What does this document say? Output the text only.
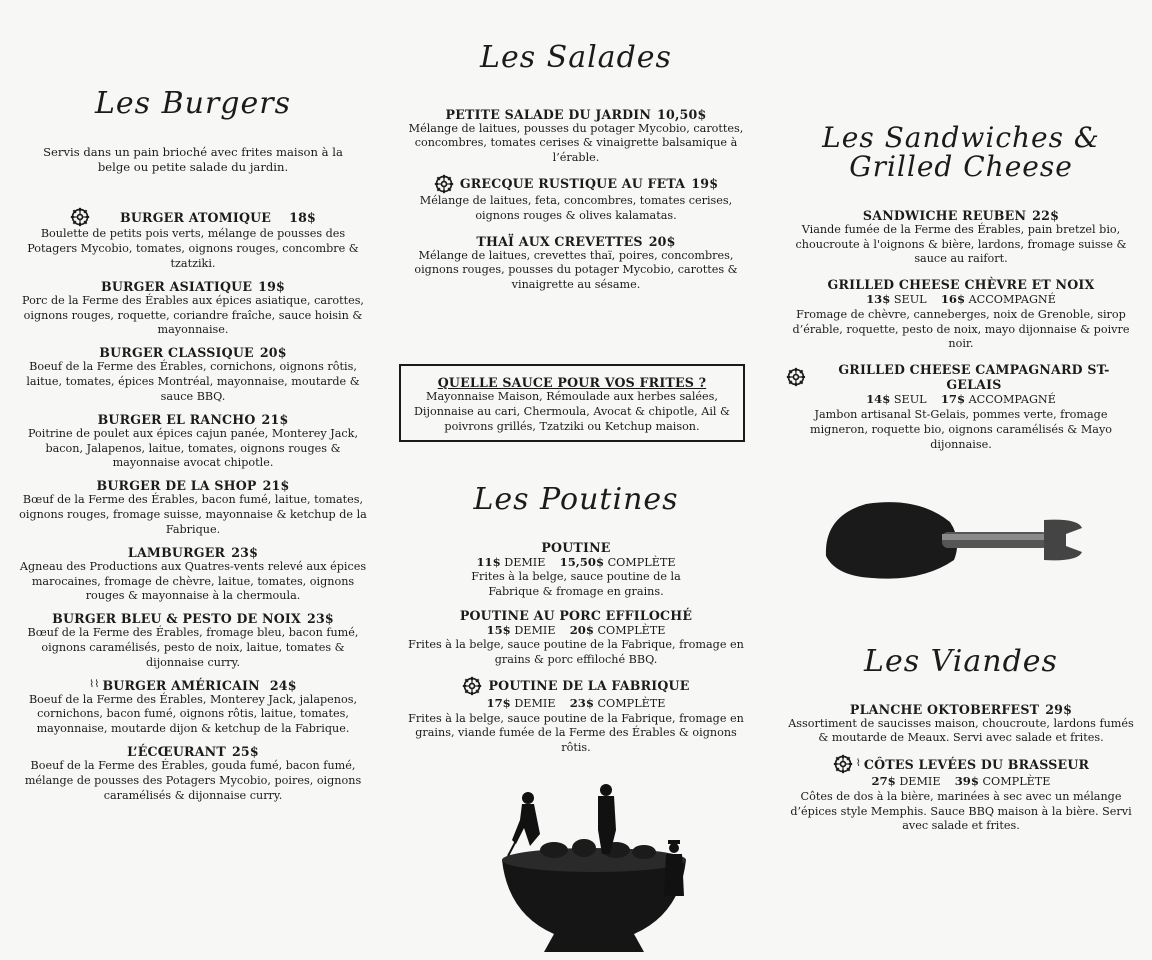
Les Burgers

Servis dans un pain brioché avec frites maison à la belge ou petite salade du jardin.

BURGER ATOMIQUE 18$

Boulette de petits pois verts, mélange de pousses des Potagers Mycobio, tomates, oignons rouges, concombre & tzatziki.

BURGER ASIATIQUE 19$

Porc de la Ferme des Érables aux épices asiatique, carottes, oignons rouges, roquette, coriandre fraîche, sauce hoisin & mayonnaise.

BURGER CLASSIQUE 20$

Boeuf de la Ferme des Érables, cornichons, oignons rôtis, laitue, tomates, épices Montréal, mayonnaise, moutarde & sauce BBQ.

BURGER EL RANCHO 21$

Poitrine de poulet aux épices cajun panée, Monterey Jack, bacon, Jalapenos, laitue, tomates, oignons rouges & mayonnaise avocat chipotle.

BURGER DE LA SHOP 21$

Bœuf de la Ferme des Érables, bacon fumé, laitue, tomates, oignons rouges, fromage suisse, mayonnaise & ketchup de la Fabrique.

LAMBURGER 23$

Agneau des Productions aux Quatres-vents relevé aux épices marocaines, fromage de chèvre, laitue, tomates, oignons rouges & mayonnaise à la chermoula.

BURGER BLEU & PESTO DE NOIX 23$

Bœuf de la Ferme des Érables, fromage bleu, bacon fumé, oignons caramélisés, pesto de noix, laitue, tomates & dijonnaise curry.

⌇⌇ BURGER AMÉRICAIN 24$

Boeuf de la Ferme des Érables, Monterey Jack, jalapenos, cornichons, bacon fumé, oignons rôtis, laitue, tomates, mayonnaise, moutarde dijon & ketchup de la Fabrique.

L’ÉCŒURANT 25$

Boeuf de la Ferme des Érables, gouda fumé, bacon fumé, mélange de pousses des Potagers Mycobio, poires, oignons caramélisés & dijonnaise curry.

Les Salades
PETITE SALADE DU JARDIN 10,50$

Mélange de laitues, pousses du potager Mycobio, carottes, concombres, tomates cerises & vinaigrette balsamique à l’érable.

GRECQUE RUSTIQUE AU FETA 19$

Mélange de laitues, feta, concombres, tomates cerises, oignons rouges & olives kalamatas.

THAÏ AUX CREVETTES 20$

Mélange de laitues, crevettes thaï, poires, concombres, oignons rouges, pousses du potager Mycobio, carottes & vinaigrette au sésame.

QUELLE SAUCE POUR VOS FRITES ?

Mayonnaise Maison, Rémoulade aux herbes salées, Dijonnaise au cari, Chermoula, Avocat & chipotle, Ail & poivrons grillés, Tzatziki ou Ketchup maison.

Les Poutines
POUTINE
11$ DEMIE 15,50$ COMPLÈTE

Frites à la belge, sauce poutine de la Fabrique & fromage en grains.

POUTINE AU PORC EFFILOCHÉ
15$ DEMIE 20$ COMPLÈTE

Frites à la belge, sauce poutine de la Fabrique, fromage en grains & porc effiloché BBQ.

POUTINE DE LA FABRIQUE
17$ DEMIE 23$ COMPLÈTE

Frites à la belge, sauce poutine de la Fabrique, fromage en grains, viande fumée de la Ferme des Érables & oignons rôtis.

Les Sandwiches & Grilled Cheese
SANDWICHE REUBEN 22$

Viande fumée de la Ferme des Érables, pain bretzel bio, choucroute à l'oignons & bière, lardons, fromage suisse & sauce au raifort.

GRILLED CHEESE CHÈVRE ET NOIX
13$ SEUL 16$ ACCOMPAGNÉ

Fromage de chèvre, canneberges, noix de Grenoble, sirop d’érable, roquette, pesto de noix, mayo dijonnaise & poivre noir.

GRILLED CHEESE CAMPAGNARD ST-GELAIS
14$ SEUL 17$ ACCOMPAGNÉ

Jambon artisanal St-Gelais, pommes verte, fromage migneron, roquette bio, oignons caramélisés & Mayo dijonnaise.

Les Viandes
PLANCHE OKTOBERFEST 29$

Assortiment de saucisses maison, choucroute, lardons fumés & moutarde de Meaux. Servi avec salade et frites.

⌇ CÔTES LEVÉES DU BRASSEUR
27$ DEMIE 39$ COMPLÈTE

Côtes de dos à la bière, marinées à sec avec un mélange d’épices style Memphis. Sauce BBQ maison à la bière. Servi avec salade et frites.
